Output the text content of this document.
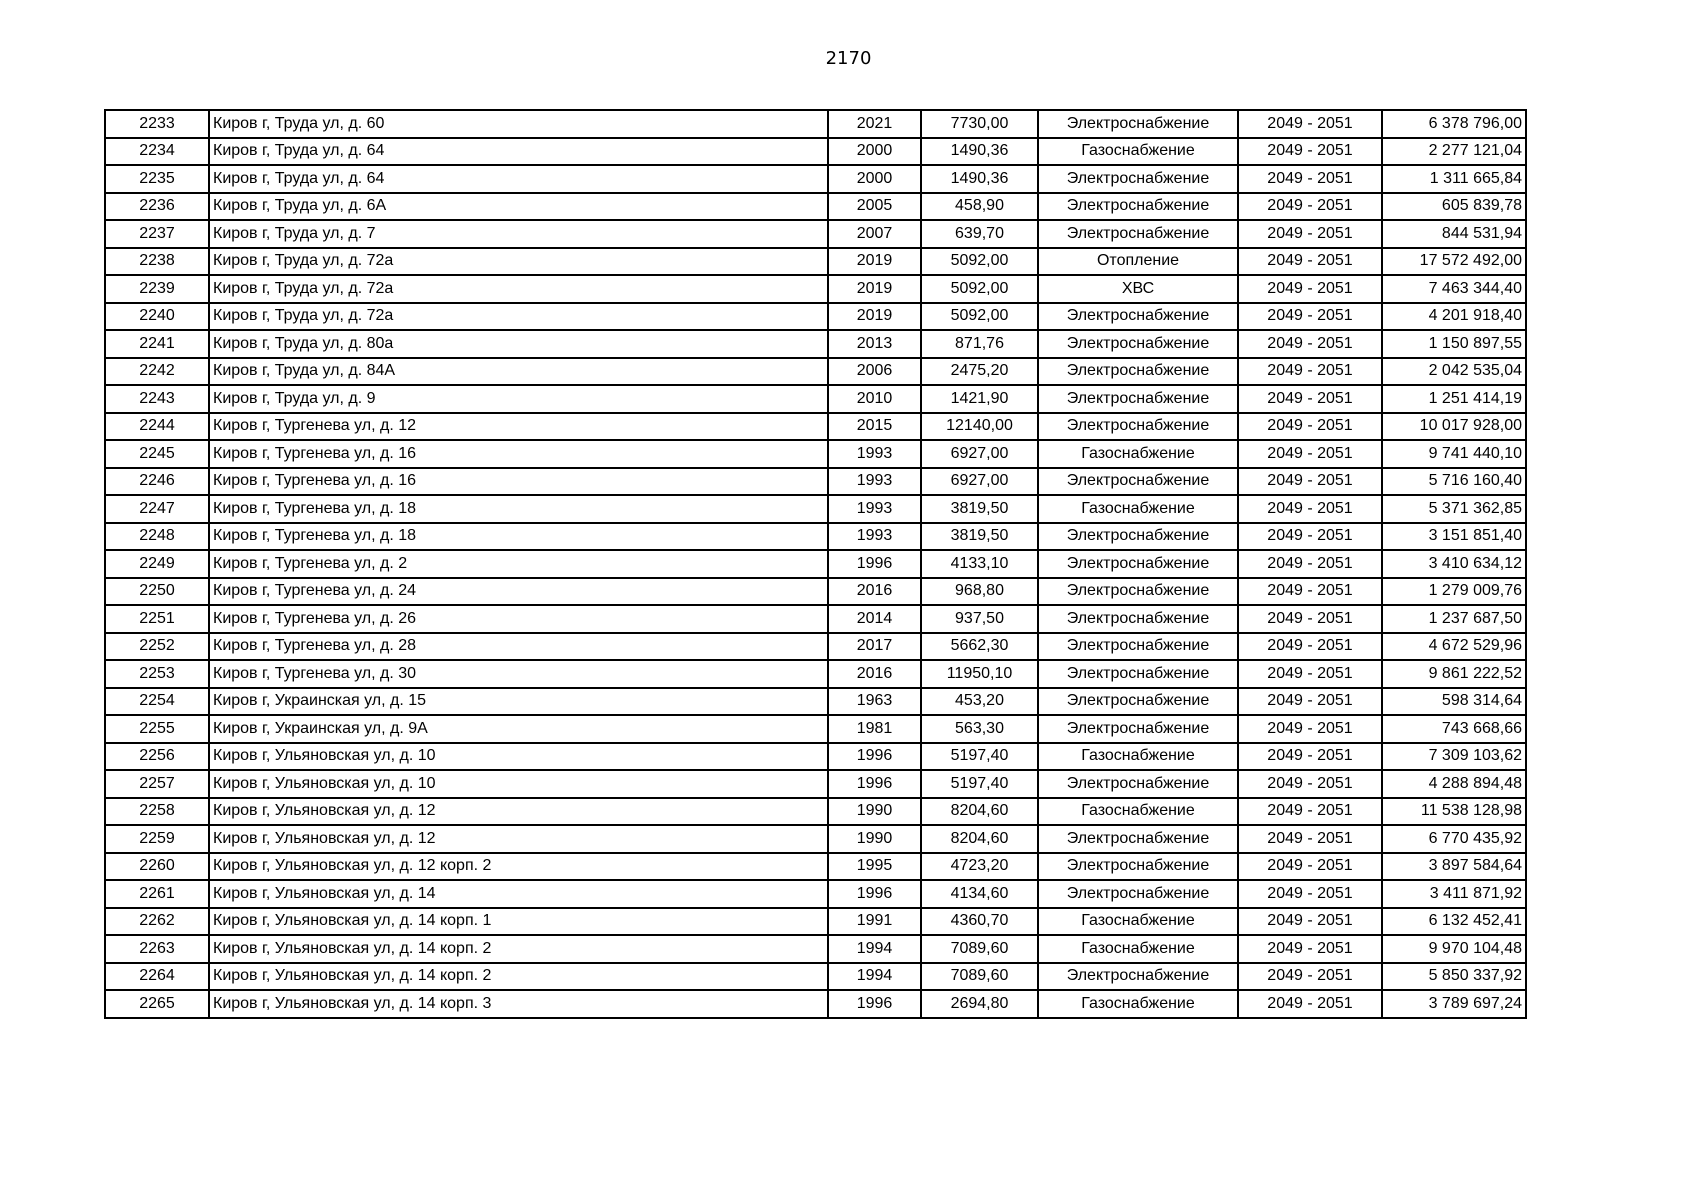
2170
2233	Киров г, Труда ул, д. 60	2021	7730,00	Электроснабжение	2049 - 2051	6 378 796,00
2234	Киров г, Труда ул, д. 64	2000	1490,36	Газоснабжение	2049 - 2051	2 277 121,04
2235	Киров г, Труда ул, д. 64	2000	1490,36	Электроснабжение	2049 - 2051	1 311 665,84
2236	Киров г, Труда ул, д. 6А	2005	458,90	Электроснабжение	2049 - 2051	605 839,78
2237	Киров г, Труда ул, д. 7	2007	639,70	Электроснабжение	2049 - 2051	844 531,94
2238	Киров г, Труда ул, д. 72а	2019	5092,00	Отопление	2049 - 2051	17 572 492,00
2239	Киров г, Труда ул, д. 72а	2019	5092,00	ХВС	2049 - 2051	7 463 344,40
2240	Киров г, Труда ул, д. 72а	2019	5092,00	Электроснабжение	2049 - 2051	4 201 918,40
2241	Киров г, Труда ул, д. 80а	2013	871,76	Электроснабжение	2049 - 2051	1 150 897,55
2242	Киров г, Труда ул, д. 84А	2006	2475,20	Электроснабжение	2049 - 2051	2 042 535,04
2243	Киров г, Труда ул, д. 9	2010	1421,90	Электроснабжение	2049 - 2051	1 251 414,19
2244	Киров г, Тургенева ул, д. 12	2015	12140,00	Электроснабжение	2049 - 2051	10 017 928,00
2245	Киров г, Тургенева ул, д. 16	1993	6927,00	Газоснабжение	2049 - 2051	9 741 440,10
2246	Киров г, Тургенева ул, д. 16	1993	6927,00	Электроснабжение	2049 - 2051	5 716 160,40
2247	Киров г, Тургенева ул, д. 18	1993	3819,50	Газоснабжение	2049 - 2051	5 371 362,85
2248	Киров г, Тургенева ул, д. 18	1993	3819,50	Электроснабжение	2049 - 2051	3 151 851,40
2249	Киров г, Тургенева ул, д. 2	1996	4133,10	Электроснабжение	2049 - 2051	3 410 634,12
2250	Киров г, Тургенева ул, д. 24	2016	968,80	Электроснабжение	2049 - 2051	1 279 009,76
2251	Киров г, Тургенева ул, д. 26	2014	937,50	Электроснабжение	2049 - 2051	1 237 687,50
2252	Киров г, Тургенева ул, д. 28	2017	5662,30	Электроснабжение	2049 - 2051	4 672 529,96
2253	Киров г, Тургенева ул, д. 30	2016	11950,10	Электроснабжение	2049 - 2051	9 861 222,52
2254	Киров г, Украинская ул, д. 15	1963	453,20	Электроснабжение	2049 - 2051	598 314,64
2255	Киров г, Украинская ул, д. 9А	1981	563,30	Электроснабжение	2049 - 2051	743 668,66
2256	Киров г, Ульяновская ул, д. 10	1996	5197,40	Газоснабжение	2049 - 2051	7 309 103,62
2257	Киров г, Ульяновская ул, д. 10	1996	5197,40	Электроснабжение	2049 - 2051	4 288 894,48
2258	Киров г, Ульяновская ул, д. 12	1990	8204,60	Газоснабжение	2049 - 2051	11 538 128,98
2259	Киров г, Ульяновская ул, д. 12	1990	8204,60	Электроснабжение	2049 - 2051	6 770 435,92
2260	Киров г, Ульяновская ул, д. 12 корп. 2	1995	4723,20	Электроснабжение	2049 - 2051	3 897 584,64
2261	Киров г, Ульяновская ул, д. 14	1996	4134,60	Электроснабжение	2049 - 2051	3 411 871,92
2262	Киров г, Ульяновская ул, д. 14 корп. 1	1991	4360,70	Газоснабжение	2049 - 2051	6 132 452,41
2263	Киров г, Ульяновская ул, д. 14 корп. 2	1994	7089,60	Газоснабжение	2049 - 2051	9 970 104,48
2264	Киров г, Ульяновская ул, д. 14 корп. 2	1994	7089,60	Электроснабжение	2049 - 2051	5 850 337,92
2265	Киров г, Ульяновская ул, д. 14 корп. 3	1996	2694,80	Газоснабжение	2049 - 2051	3 789 697,24
